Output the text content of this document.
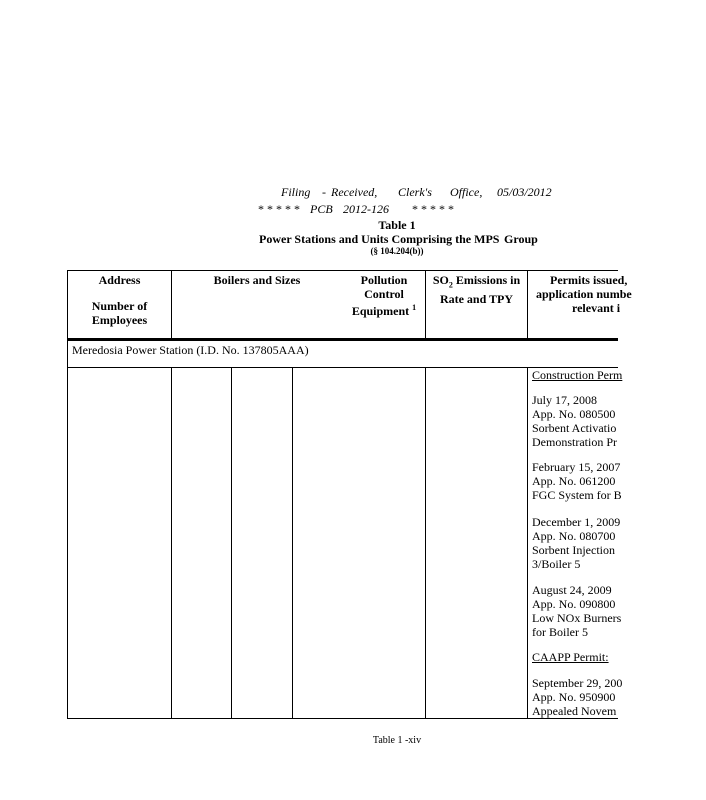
Filing - Received, Clerk's Office, 05/03/2012
* * * * * PCB 2012-126 * * * * *
Table 1
Power Stations and Units Comprising the MPS Group
(§ 104.204(b))
Address
Number of
Employees
Boilers and Sizes	Pollution
Control
Equipment $^1$
$SO_2$ Emissions in
Rate and TPY
Permits issued,
application numbe
relevant i
Meredosia Power Station (I.D. No. 137805AAA)
Construction Perm
July 17, 2008
App. No. 080500
Sorbent Activatio
Demonstration Pr
February 15, 2007
App. No. 061200
FGC System for B
December 1, 2009
App. No. 080700
Sorbent Injection
3/Boiler 5
August 24, 2009
App. No. 090800
Low NOx Burners
for Boiler 5
CAAPP Permit:
September 29, 200
App. No. 950900
Appealed Novem
Table 1 -xiv
